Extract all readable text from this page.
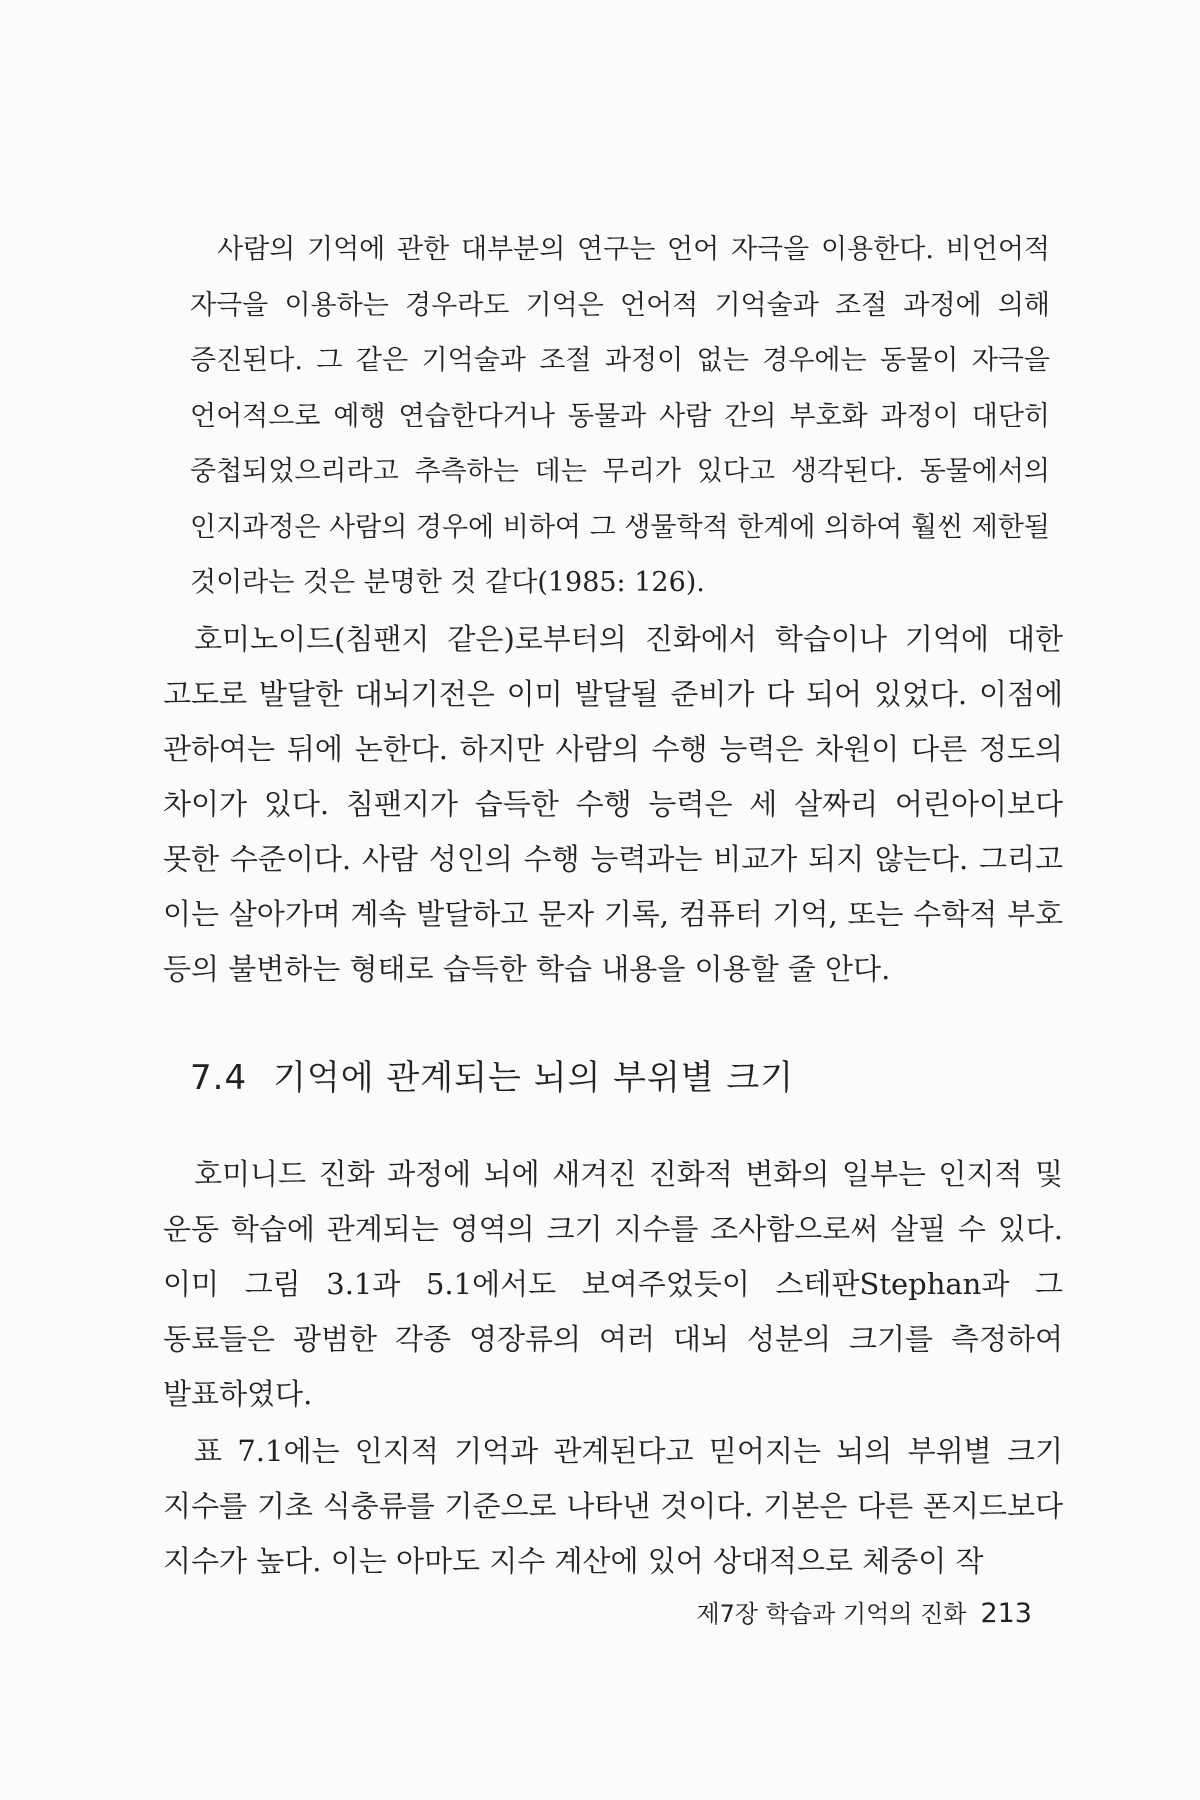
사람의 기억에 관한 대부분의 연구는 언어 자극을 이용한다. 비언어적 자극을 이용하는 경우라도 기억은 언어적 기억술과 조절 과정에 의해 증진된다. 그 같은 기억술과 조절 과정이 없는 경우에는 동물이 자극을 언어적으로 예행 연습한다거나 동물과 사람 간의 부호화 과정이 대단히 중첩되었으리라고 추측하는 데는 무리가 있다고 생각된다. 동물에서의 인지과정은 사람의 경우에 비하여 그 생물학적 한계에 의하여 훨씬 제한될 것이라는 것은 분명한 것 같다(1985: 126).

호미노이드(침팬지 같은)로부터의 진화에서 학습이나 기억에 대한 고도로 발달한 대뇌기전은 이미 발달될 준비가 다 되어 있었다. 이점에 관하여는 뒤에 논한다. 하지만 사람의 수행 능력은 차원이 다른 정도의 차이가 있다. 침팬지가 습득한 수행 능력은 세 살짜리 어린아이보다 못한 수준이다. 사람 성인의 수행 능력과는 비교가 되지 않는다. 그리고 이는 살아가며 계속 발달하고 문자 기록, 컴퓨터 기억, 또는 수학적 부호 등의 불변하는 형태로 습득한 학습 내용을 이용할 줄 안다.

7.4 기억에 관계되는 뇌의 부위별 크기

호미니드 진화 과정에 뇌에 새겨진 진화적 변화의 일부는 인지적 및 운동 학습에 관계되는 영역의 크기 지수를 조사함으로써 살필 수 있다. 이미 그림 3.1과 5.1에서도 보여주었듯이 스테판Stephan과 그 동료들은 광범한 각종 영장류의 여러 대뇌 성분의 크기를 측정하여 발표하였다.

표 7.1에는 인지적 기억과 관계된다고 믿어지는 뇌의 부위별 크기 지수를 기초 식충류를 기준으로 나타낸 것이다. 기본은 다른 폰지드보다 지수가 높다. 이는 아마도 지수 계산에 있어 상대적으로 체중이 작

제7장 학습과 기억의 진화 213
